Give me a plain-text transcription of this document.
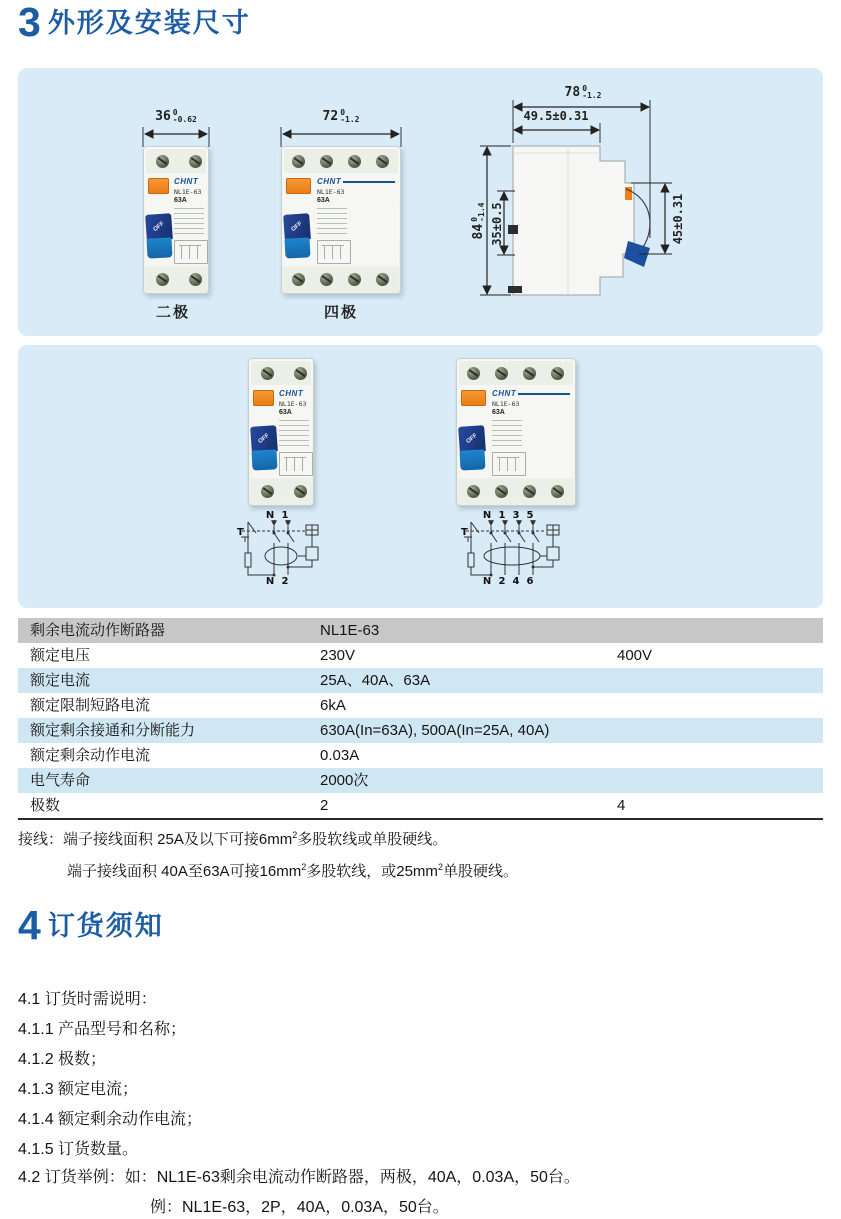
3 外形及安装尺寸
36 0
-0.62
CHNT
NL1E-63
63A
OFF
二极
72 0
-1.2
CHNT
NL1E-63
63A
OFF
四极
78 0
-1.2
49.5±0.31
84
0
-1.4 35±0.5	45±0.31
CHNT
NL1E-63
63A
OFF
N 1
T
N 2
CHNT
NL1E-63
63A
OFF
N 1 3 5
T
N 2 4 6
剩余电流动作断路器	NL1E-63
额定电压	230V	400V
额定电流	25A、40A、63A
额定限制短路电流	6kA
额定剩余接通和分断能力	630A(In=63A), 500A(In=25A, 40A)
额定剩余动作电流	0.03A
电气寿命	2000次
极数	2	4
接线：端子接线面积 25A及以下可接$6mm^2$多股软线或单股硬线。
端子接线面积 40A至63A可接$16mm^2$多股软线，或$25mm^2$单股硬线。
4 订货须知
4.1 订货时需说明：
4.1.1 产品型号和名称；
4.1.2 极数；
4.1.3 额定电流；
4.1.4 额定剩余动作电流；
4.1.5 订货数量。
4.2 订货举例：如：NL1E-63剩余电流动作断路器，两极，40A，0.03A，50台。
例：NL1E-63，2P，40A，0.03A，50台。
